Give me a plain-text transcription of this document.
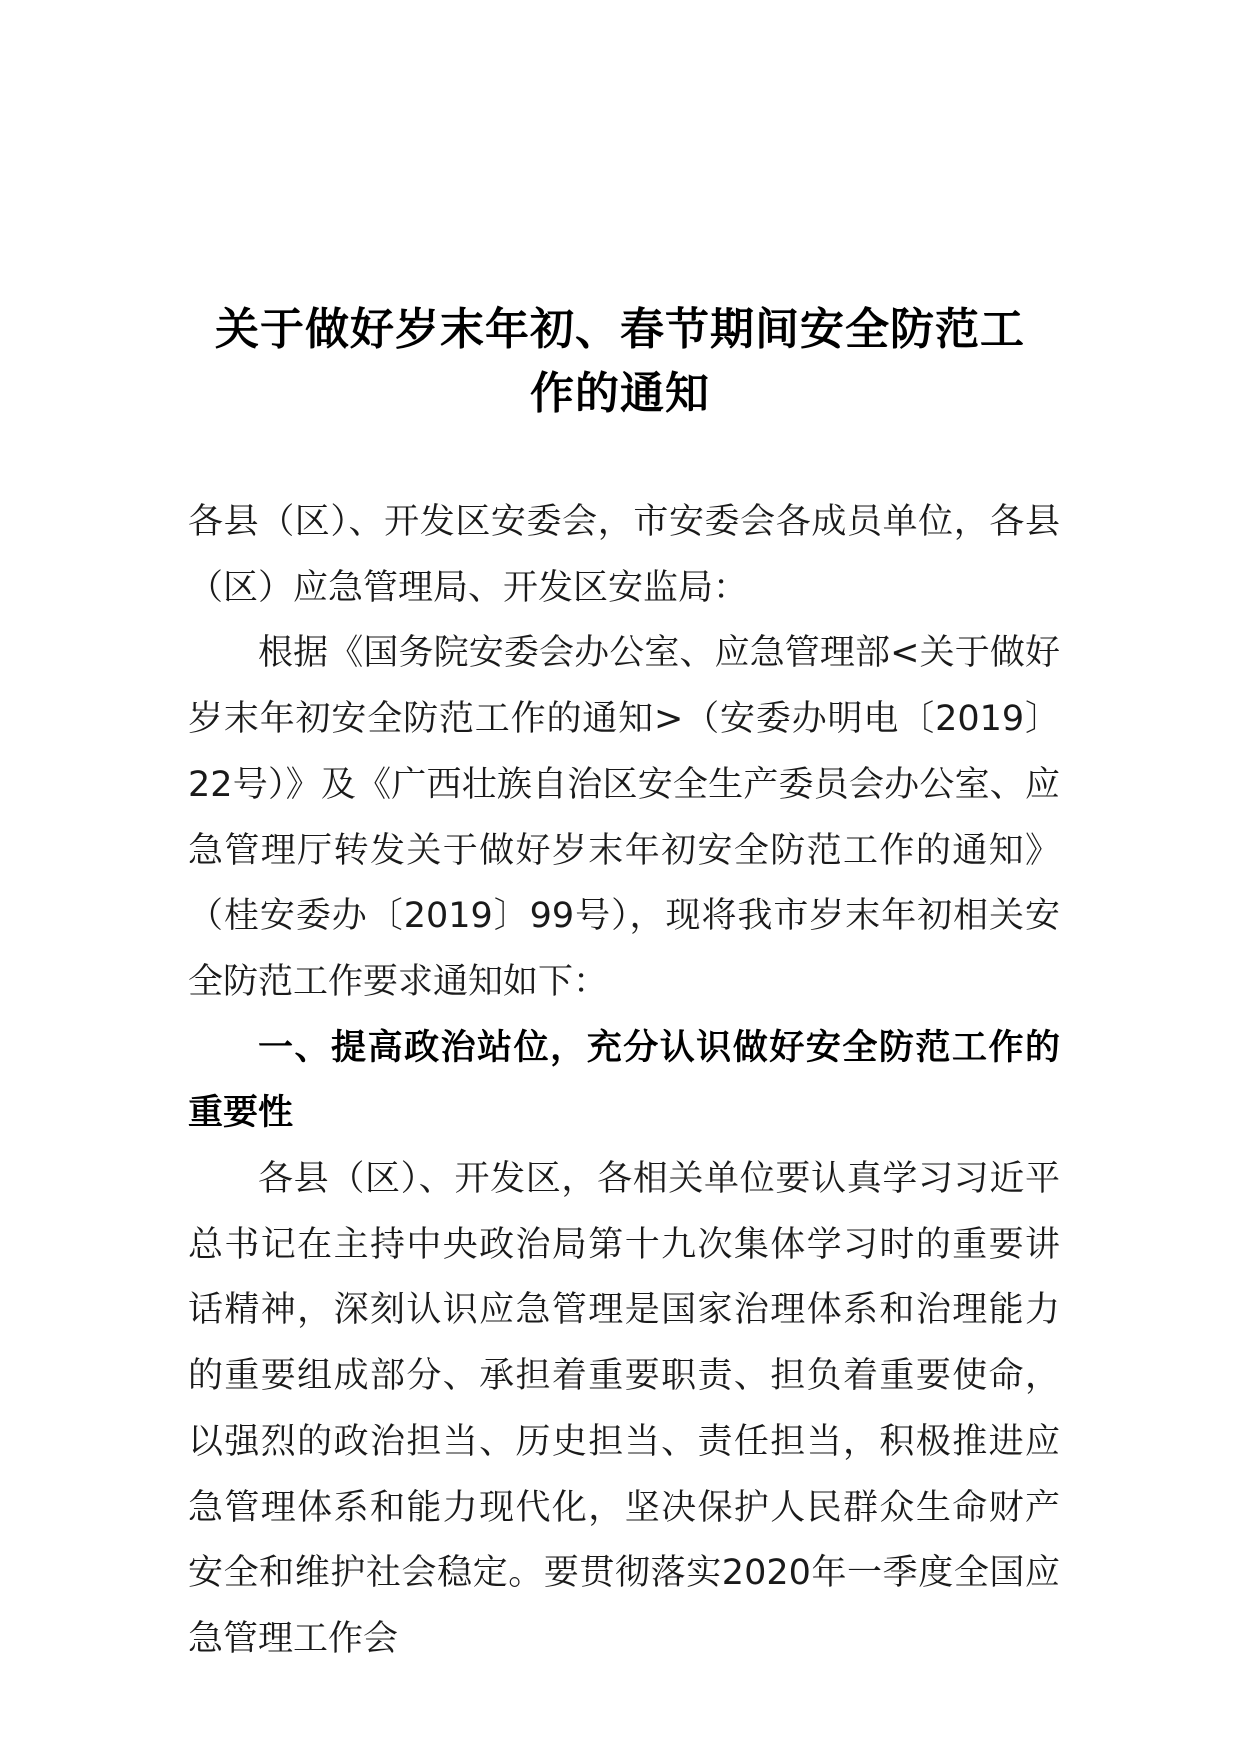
关于做好岁末年初、春节期间安全防范工
作的通知

各县（区）、开发区安委会，市安委会各成员单位，各县（区）应急管理局、开发区安监局：

根据《国务院安委会办公室、应急管理部<关于做好岁末年初安全防范工作的通知>（安委办明电〔2019〕22号）》及《广西壮族自治区安全生产委员会办公室、应急管理厅转发关于做好岁末年初安全防范工作的通知》（桂安委办〔2019〕99号），现将我市岁末年初相关安全防范工作要求通知如下：

一、提高政治站位，充分认识做好安全防范工作的重要性

各县（区）、开发区，各相关单位要认真学习习近平总书记在主持中央政治局第十九次集体学习时的重要讲话精神，深刻认识应急管理是国家治理体系和治理能力的重要组成部分、承担着重要职责、担负着重要使命，以强烈的政治担当、历史担当、责任担当，积极推进应急管理体系和能力现代化，坚决保护人民群众生命财产安全和维护社会稳定。要贯彻落实2020年一季度全国应急管理工作会
